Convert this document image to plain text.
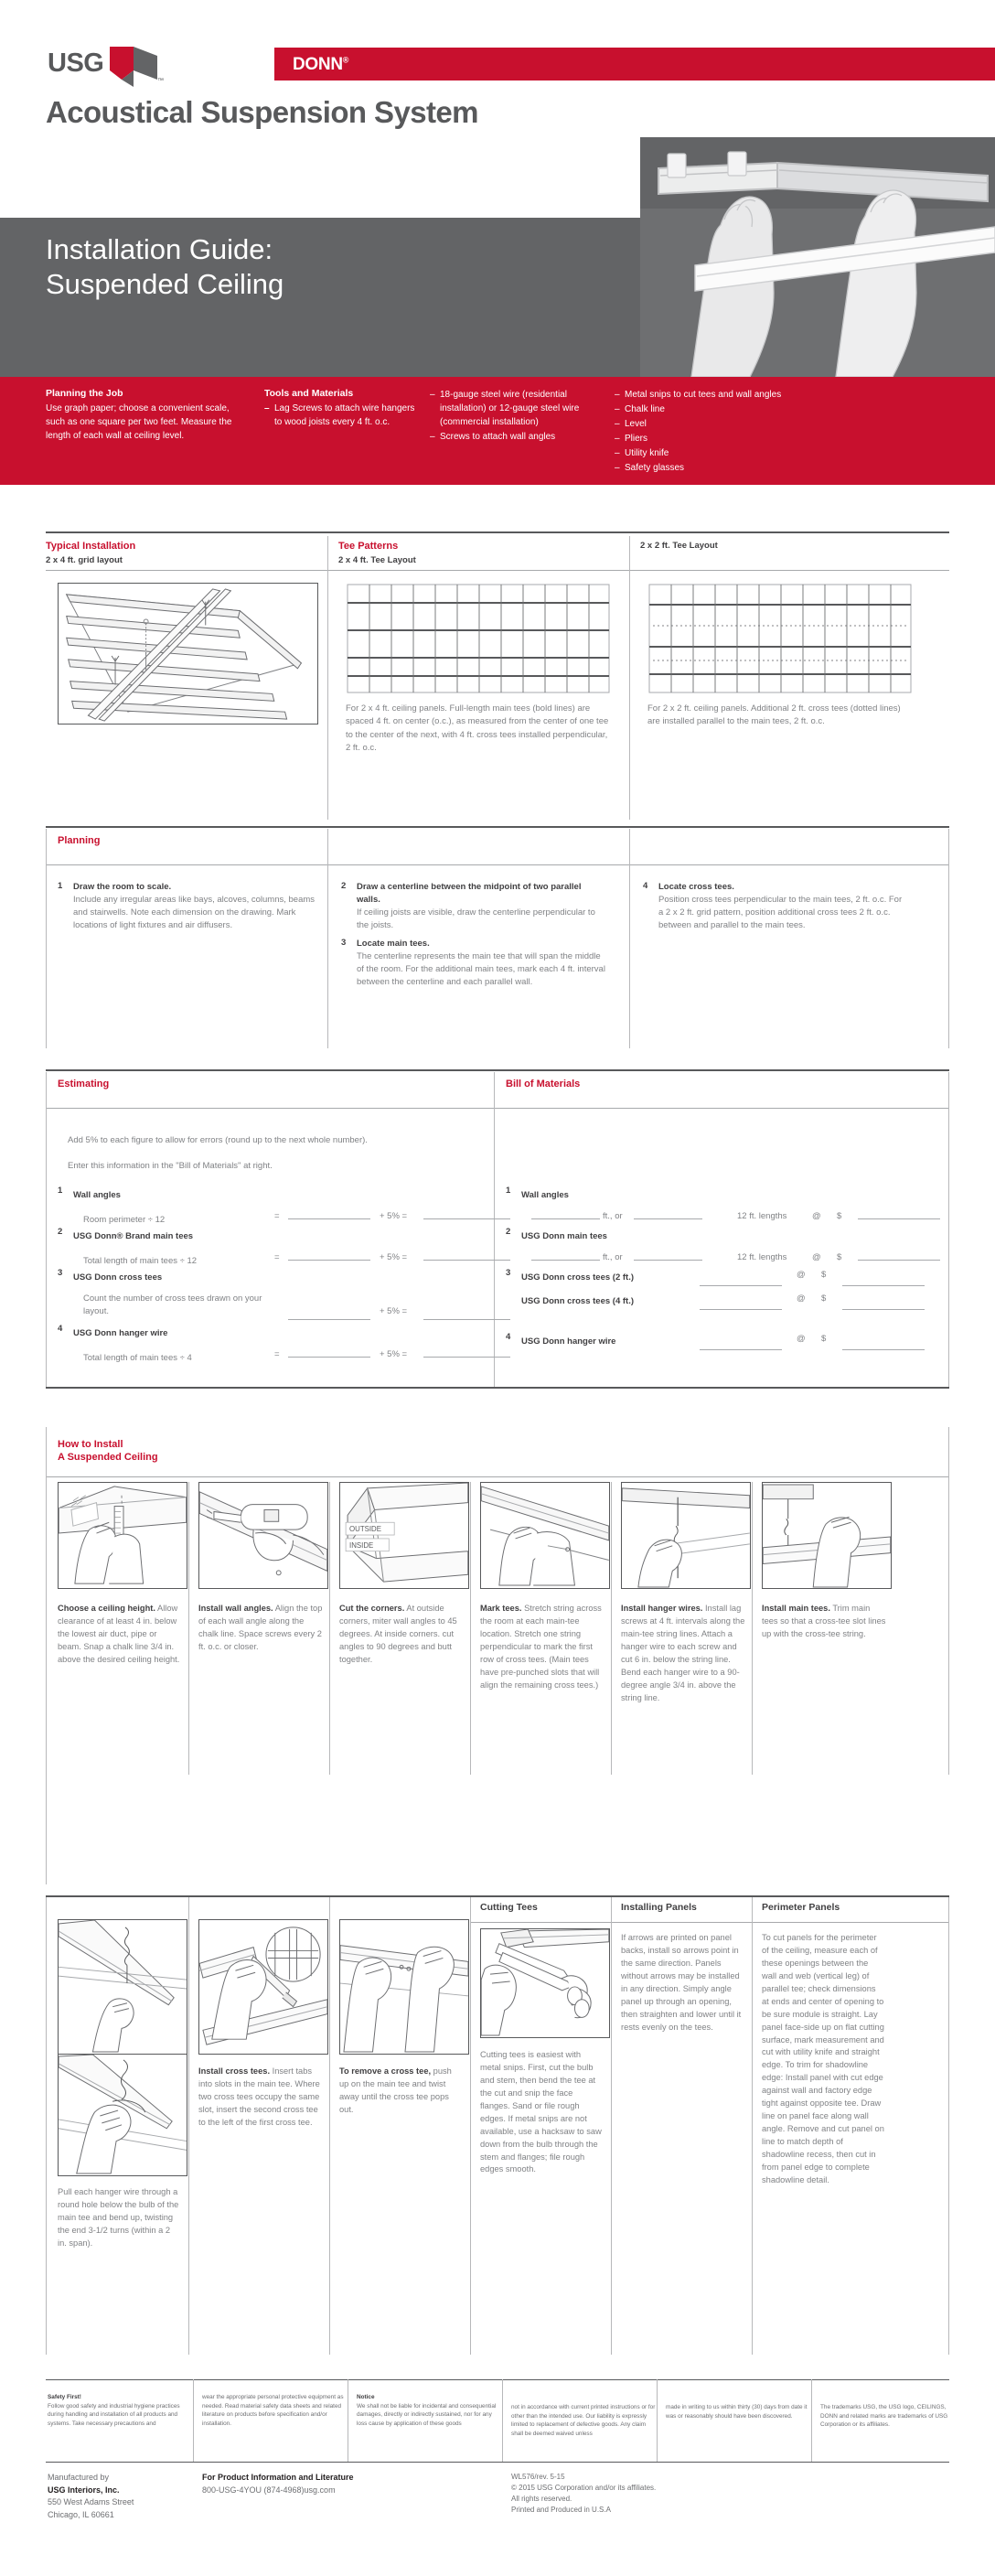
USG
™
DONN®
Acoustical Suspension System
Installation Guide:
Suspended Ceiling
Planning the Job
Use graph paper; choose a convenient scale, such as one square per two feet. Measure the length of each wall at ceiling level.
Tools and Materials
– Lag Screws to attach wire hangers to wood joists every 4 ft. o.c.
– 18-gauge steel wire (residential installation) or 12-gauge steel wire (commercial installation)
– Screws to attach wall angles
– Metal snips to cut tees and wall angles
– Chalk line
– Level
– Pliers
– Utility knife
– Safety glasses
Typical Installation
2 x 4 ft. grid layout
Tee Patterns
2 x 4 ft. Tee Layout
2 x 2 ft. Tee Layout
For 2 x 4 ft. ceiling panels. Full-length main tees (bold lines) are spaced 4 ft. on center (o.c.), as measured from the center of one tee to the center of the next, with 4 ft. cross tees installed perpendicular, 2 ft. o.c.
For 2 x 2 ft. ceiling panels. Additional 2 ft. cross tees (dotted lines) are installed parallel to the main tees, 2 ft. o.c.
Planning
1 Draw the room to scale.
Include any irregular areas like bays, alcoves, columns, beams and stairwells. Note each dimension on the drawing. Mark locations of light fixtures and air diffusers.
2 Draw a centerline between the midpoint of two parallel walls.
If ceiling joists are visible, draw the centerline perpendicular to the joists.
3 Locate main tees.
The centerline represents the main tee that will span the middle of the room. For the additional main tees, mark each 4 ft. interval between the centerline and each parallel wall.
4 Locate cross tees.
Position cross tees perpendicular to the main tees, 2 ft. o.c. For a 2 x 2 ft. grid pattern, position additional cross tees 2 ft. o.c. between and parallel to the main tees.
Estimating	Bill of Materials
Add 5% to each figure to allow for errors (round up to the next whole number).
Enter this information in the "Bill of Materials" at right.
1 Wall angles
Room perimeter ÷ 12	=	+ 5% =
2 USG Donn® Brand main tees
Total length of main tees ÷ 12	=	+ 5% =
3 USG Donn cross tees
Count the number of cross tees drawn on your layout.	+ 5% =
4 USG Donn hanger wire
Total length of main tees ÷ 4	=	+ 5% =
1 Wall angles
ft., or	12 ft. lengths	@ $
2 USG Donn main tees
ft., or	12 ft. lengths	@ $
3 USG Donn cross tees (2 ft.)	@ $
USG Donn cross tees (4 ft.)	@ $
4 USG Donn hanger wire	@ $
How to Install
A Suspended Ceiling
OUTSIDE
INSIDE
Choose a ceiling height. Allow clearance of at least 4 in. below the lowest air duct, pipe or beam. Snap a chalk line 3/4 in. above the desired ceiling height.
Install wall angles. Align the top of each wall angle along the chalk line. Space screws every 2 ft. o.c. or closer.
Cut the corners. At outside corners, miter wall angles to 45 degrees. At inside corners. cut angles to 90 degrees and butt together.
Mark tees. Stretch string across the room at each main-tee location. Stretch one string perpendicular to mark the first row of cross tees. (Main tees have pre-punched slots that will align the remaining cross tees.)
Install hanger wires. Install lag screws at 4 ft. intervals along the main-tee string lines. Attach a hanger wire to each screw and cut 6 in. below the string line. Bend each hanger wire to a 90-degree angle 3/4 in. above the string line.
Install main tees. Trim main tees so that a cross-tee slot lines up with the cross-tee string.
Cutting Tees	Installing Panels	Perimeter Panels
Pull each hanger wire through a round hole below the bulb of the main tee and bend up, twisting the end 3-1/2 turns (within a 2 in. span).
Install cross tees. Insert tabs into slots in the main tee. Where two cross tees occupy the same slot, insert the second cross tee to the left of the first cross tee.
To remove a cross tee, push up on the main tee and twist away until the cross tee pops out.
Cutting tees is easiest with metal snips. First, cut the bulb and stem, then bend the tee at the cut and snip the face flanges. Sand or file rough edges. If metal snips are not available, use a hacksaw to saw down from the bulb through the stem and flanges; file rough edges smooth.
If arrows are printed on panel backs, install so arrows point in the same direction. Panels without arrows may be installed in any direction. Simply angle panel up through an opening, then straighten and lower until it rests evenly on the tees.
To cut panels for the perimeter of the ceiling, measure each of these openings between the wall and web (vertical leg) of parallel tee; check dimensions at ends and center of opening to be sure module is straight. Lay panel face-side up on flat cutting surface, mark measurement and cut with utility knife and straight edge. To trim for shadowline edge: Install panel with cut edge against wall and factory edge tight against opposite tee. Draw line on panel face along wall angle. Remove and cut panel on line to match depth of shadowline recess, then cut in from panel edge to complete shadowline detail.
Safety First!
Follow good safety and industrial hygiene practices during handling and installation of all products and systems. Take necessary precautions and
wear the appropriate personal protective equipment as needed. Read material safety data sheets and related literature on products before specification and/or installation.
Notice
We shall not be liable for incidental and consequential damages, directly or indirectly sustained, nor for any loss cause by application of these goods
not in accordance with current printed instructions or for other than the intended use. Our liability is expressly limited to replacement of defective goods. Any claim shall be deemed waived unless
made in writing to us within thirty (30) days from date it was or reasonably should have been discovered.
The trademarks USG, the USG logo, CEILINGS, DONN and related marks are trademarks of USG Corporation or its affiliates.
Manufactured by
USG Interiors, Inc.
550 West Adams Street
Chicago, IL 60661
For Product Information and Literature
800-USG-4YOU (874-4968)usg.com
WL576/rev. 5-15
© 2015 USG Corporation and/or its affiliates.
All rights reserved.
Printed and Produced in U.S.A
